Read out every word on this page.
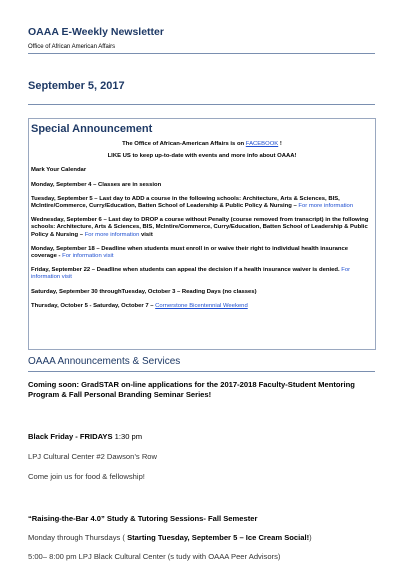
OAAA E-Weekly Newsletter
Office of African American Affairs
September 5, 2017
Special Announcement
The Office of African-American Affairs is on FACEBOOK !
LIKE US to keep up-to-date with events and more info about OAAA!
Mark Your Calendar
Monday, September 4 – Classes are in session
Tuesday, September 5 – Last day to ADD a course in the following schools: Architecture, Arts & Sciences, BIS, McIntire/Commerce, Curry/Education, Batten School of Leadership & Public Policy & Nursing – For more information
Wednesday, September 6 – Last day to DROP a course without Penalty (course removed from transcript) in the following schools: Architecture, Arts & Sciences, BIS, McIntire/Commerce, Curry/Education, Batten School of Leadership & Public Policy & Nursing – For more information visit
Monday, September 18 – Deadline when students must enroll in or waive their right to individual health insurance coverage - For information visit
Friday, September 22 – Deadline when students can appeal the decision if a health insurance waiver is denied. For information visit
Saturday, September 30 throughTuesday, October 3 – Reading Days (no classes)
Thursday, October 5 - Saturday, October 7 – Cornerstone Bicentennial Weekend
OAAA Announcements & Services
Coming soon: GradSTAR on-line applications for the 2017-2018 Faculty-Student Mentoring Program & Fall Personal Branding Seminar Series!
Black Friday - FRIDAYS 1:30 pm
LPJ Cultural Center #2 Dawson’s Row
Come join us for food & fellowship!
“Raising-the-Bar 4.0” Study & Tutoring Sessions- Fall Semester
Monday through Thursdays ( Starting Tuesday, September 5 – Ice Cream Social!)
5:00– 8:00 pm LPJ Black Cultural Center (s tudy with OAAA Peer Advisors)
